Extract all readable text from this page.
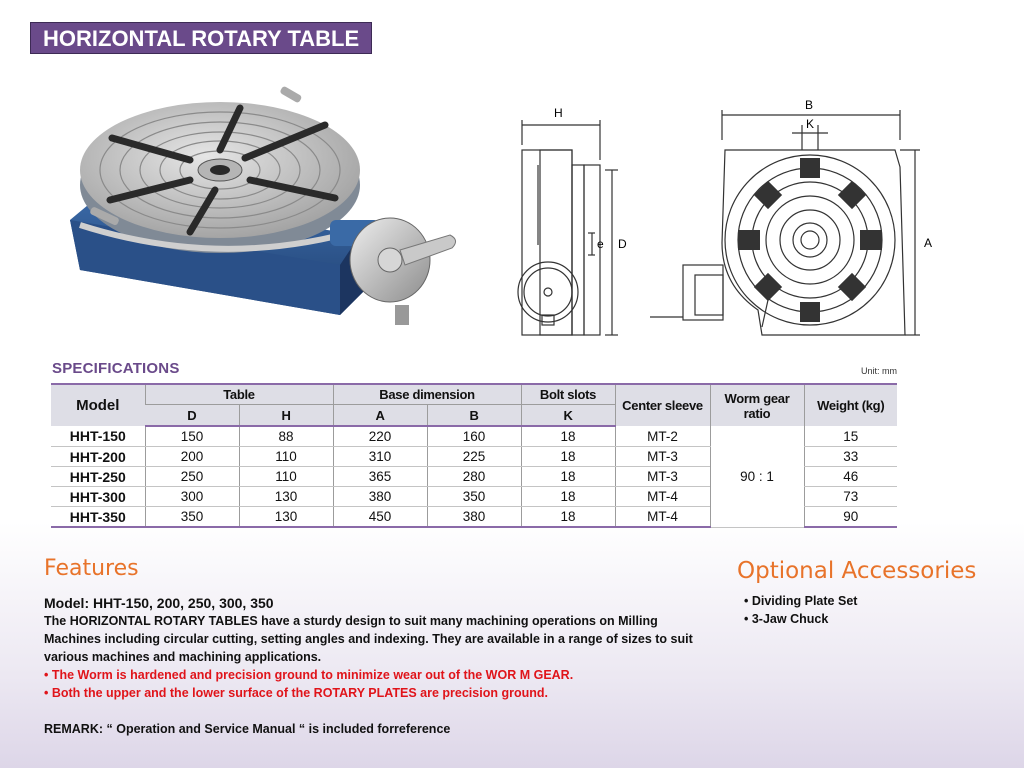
HORIZONTAL ROTARY TABLE
H
e D
B
K
A
SPECIFICATIONS	Unit: mm
Model	Table		Base dimension		Bolt slots	Center sleeve	Worm gear ratio	Weight (kg)
	D	H	A	B	K			
HHT-150	150	88	220	160	18	MT-2	90 : 1	15
HHT-200	200	110	310	225	18	MT-3		33
HHT-250	250	110	365	280	18	MT-3		46
HHT-300	300	130	380	350	18	MT-4		73
HHT-350	350	130	450	380	18	MT-4		90
Features	Optional Accessories
Model: HHT-150, 200, 250, 300, 350
The HORIZONTAL ROTARY TABLES have a sturdy design to suit many machining operations on Milling Machines including circular cutting, setting angles and indexing. They are available in a range of sizes to suit various machines and machining applications.
• The Worm is hardened and precision ground to minimize wear out of the WOR M GEAR.
• Both the upper and the lower surface of the ROTARY PLATES are precision ground.
REMARK: “ Operation and Service Manual “ is included forreference
• Dividing Plate Set
• 3-Jaw Chuck
